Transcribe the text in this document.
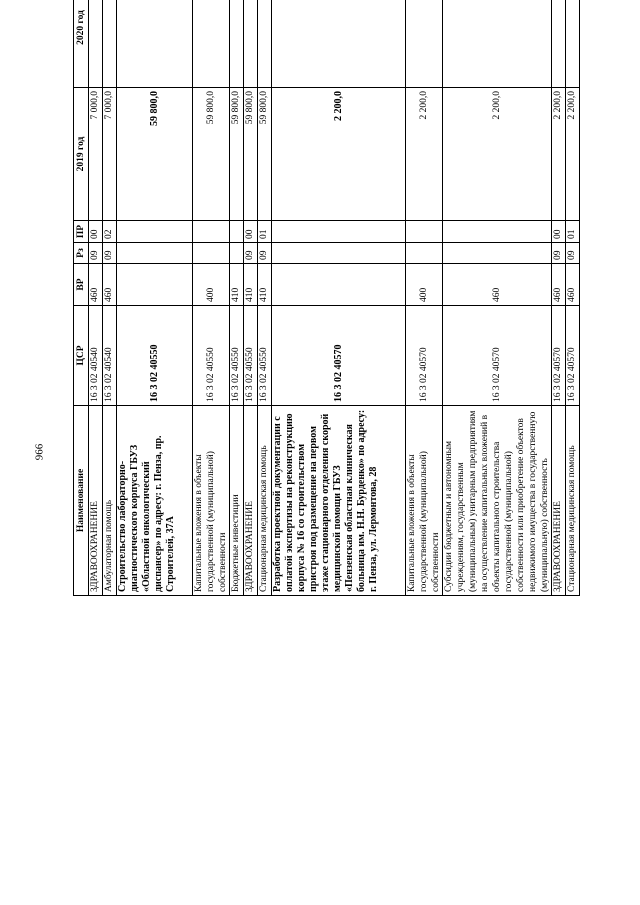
966
Наименование	ЦСР	ВР	Рз	ПР	2019 год	2020 год	
ЗДРАВООХРАНЕНИЕ	16 3 02 40540	460	09	00	7 000,0		
Амбулаторная помощь	16 3 02 40540	460	09	02	7 000,0		
Строительство лабораторно-диагностического корпуса ГБУЗ «Областной онкологический диспансер» по адресу: г. Пенза, пр. Строителей, 37А	16 3 02 40550				59 800,0		
Капитальные вложения в объекты государственной (муниципальной) собственности	16 3 02 40550	400			59 800,0		
Бюджетные инвестиции	16 3 02 40550	410			59 800,0		
ЗДРАВООХРАНЕНИЕ	16 3 02 40550	410	09	00	59 800,0		
Стационарная медицинская помощь	16 3 02 40550	410	09	01	59 800,0		
Разработка проектной документации с оплатой экспертизы на реконструкцию корпуса № 16 со строительством пристроя под размещение на первом этаже стационарного отделения скорой медицинской помощи ГБУЗ «Пензенская областная клиническая больница им. Н.Н. Бурденко» по адресу: г. Пенза, ул. Лермонтова, 28	16 3 02 40570				2 200,0		
Капитальные вложения в объекты государственной (муниципальной) собственности	16 3 02 40570	400			2 200,0		
Субсидии бюджетным и автономным учреждениям, государственным (муниципальным) унитарным предприятиям на осуществление капитальных вложений в объекты капитального строительства государственной (муниципальной) собственности или приобретение объектов недвижимого имущества в государственную (муниципальную) собственность	16 3 02 40570	460			2 200,0		
ЗДРАВООХРАНЕНИЕ	16 3 02 40570	460	09	00	2 200,0		
Стационарная медицинская помощь	16 3 02 40570	460	09	01	2 200,0		
